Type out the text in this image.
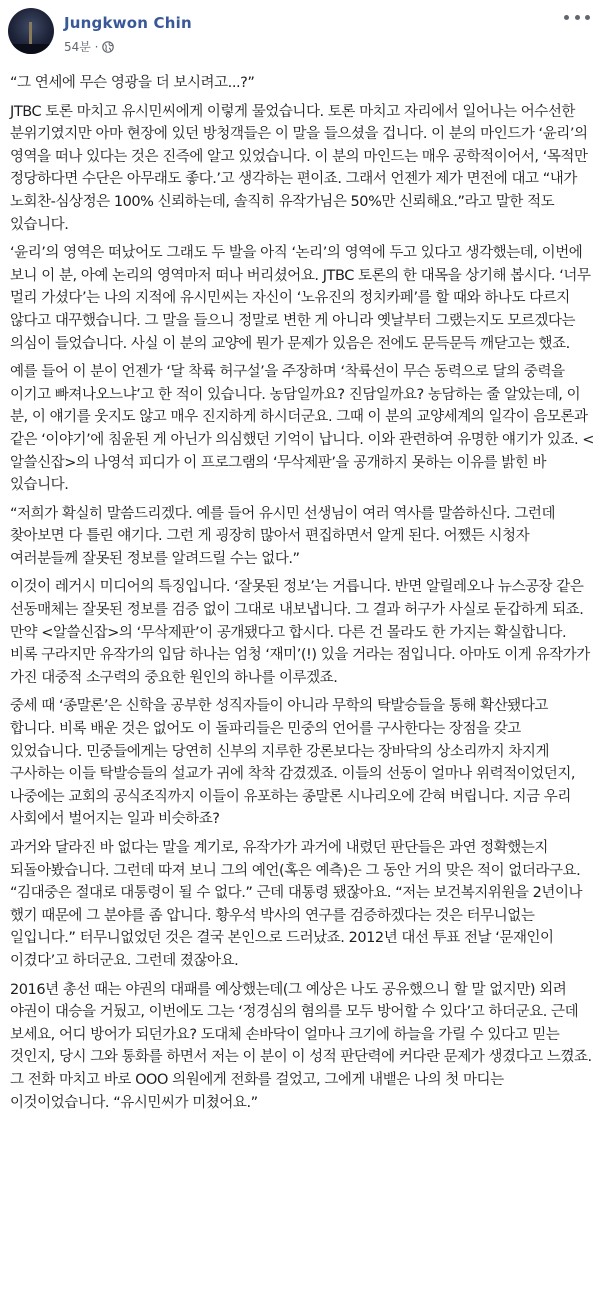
Jungkwon Chin
54분 ·

“그 연세에 무슨 영광을 더 보시려고...?”

JTBC 토론 마치고 유시민씨에게 이렇게 물었습니다. 토론 마치고 자리에서 일어나는 어수선한 분위기였지만 아마 현장에 있던 방청객들은 이 말을 들으셨을 겁니다. 이 분의 마인드가 ‘윤리’의 영역을 떠나 있다는 것은 진즉에 알고 있었습니다. 이 분의 마인드는 매우 공학적이어서, ‘목적만 정당하다면 수단은 아무래도 좋다.’고 생각하는 편이죠. 그래서 언젠가 제가 면전에 대고 “내가 노회찬-심상정은 100% 신뢰하는데, 솔직히 유작가님은 50%만 신뢰해요.”라고 말한 적도 있습니다.

‘윤리’의 영역은 떠났어도 그래도 두 발을 아직 ‘논리’의 영역에 두고 있다고 생각했는데, 이번에 보니 이 분, 아예 논리의 영역마저 떠나 버리셨어요. JTBC 토론의 한 대목을 상기해 봅시다. ‘너무 멀리 가셨다’는 나의 지적에 유시민씨는 자신이 ‘노유진의 정치카페’를 할 때와 하나도 다르지 않다고 대꾸했습니다. 그 말을 들으니 정말로 변한 게 아니라 옛날부터 그랬는지도 모르겠다는 의심이 들었습니다. 사실 이 분의 교양에 뭔가 문제가 있음은 전에도 문득문득 깨닫고는 했죠.

예를 들어 이 분이 언젠가 ‘달 착륙 허구설’을 주장하며 ‘착륙선이 무슨 동력으로 달의 중력을 이기고 빠져나오느냐’고 한 적이 있습니다. 농담일까요? 진담일까요? 농담하는 줄 알았는데, 이 분, 이 얘기를 웃지도 않고 매우 진지하게 하시더군요. 그때 이 분의 교양세계의 일각이 음모론과 같은 ‘이야기’에 침윤된 게 아닌가 의심했던 기억이 납니다. 이와 관련하여 유명한 얘기가 있죠. <알쓸신잡>의 나영석 피디가 이 프로그램의 ‘무삭제판’을 공개하지 못하는 이유를 밝힌 바 있습니다.

“저희가 확실히 말씀드리겠다. 예를 들어 유시민 선생님이 여러 역사를 말씀하신다. 그런데 찾아보면 다 틀린 얘기다. 그런 게 굉장히 많아서 편집하면서 알게 된다. 어쨌든 시청자 여러분들께 잘못된 정보를 알려드릴 수는 없다.”

이것이 레거시 미디어의 특징입니다. ‘잘못된 정보’는 거릅니다. 반면 알릴레오나 뉴스공장 같은 선동매체는 잘못된 정보를 검증 없이 그대로 내보냅니다. 그 결과 허구가 사실로 둔갑하게 되죠. 만약 <알쓸신잡>의 ‘무삭제판’이 공개됐다고 합시다. 다른 건 몰라도 한 가지는 확실합니다. 비록 구라지만 유작가의 입담 하나는 엄청 ‘재미’(!) 있을 거라는 점입니다. 아마도 이게 유작가가 가진 대중적 소구력의 중요한 원인의 하나를 이루겠죠.

중세 때 ‘종말론’은 신학을 공부한 성직자들이 아니라 무학의 탁발승들을 통해 확산됐다고 합니다. 비록 배운 것은 없어도 이 돌파리들은 민중의 언어를 구사한다는 장점을 갖고 있었습니다. 민중들에게는 당연히 신부의 지루한 강론보다는 장바닥의 상소리까지 차지게 구사하는 이들 탁발승들의 설교가 귀에 착착 감겼겠죠. 이들의 선동이 얼마나 위력적이었던지, 나중에는 교회의 공식조직까지 이들이 유포하는 종말론 시나리오에 갇혀 버립니다. 지금 우리 사회에서 벌어지는 일과 비슷하죠?

과거와 달라진 바 없다는 말을 계기로, 유작가가 과거에 내렸던 판단들은 과연 정확했는지 되돌아봤습니다. 그런데 따져 보니 그의 예언(혹은 예측)은 그 동안 거의 맞은 적이 없더라구요. “김대중은 절대로 대통령이 될 수 없다.” 근데 대통령 됐잖아요. “저는 보건복지위원을 2년이나 했기 때문에 그 분야를 좀 압니다. 황우석 박사의 연구를 검증하겠다는 것은 터무니없는 일입니다.” 터무니없었던 것은 결국 본인으로 드러났죠. 2012년 대선 투표 전날 ‘문재인이 이겼다’고 하더군요. 그런데 졌잖아요.

2016년 총선 때는 야권의 대패를 예상했는데(그 예상은 나도 공유했으니 할 말 없지만) 외려 야권이 대승을 거뒀고, 이번에도 그는 ‘정경심의 혐의를 모두 방어할 수 있다’고 하더군요. 근데 보세요, 어디 방어가 되던가요? 도대체 손바닥이 얼마나 크기에 하늘을 가릴 수 있다고 믿는 것인지, 당시 그와 통화를 하면서 저는 이 분이 이 성적 판단력에 커다란 문제가 생겼다고 느꼈죠. 그 전화 마치고 바로 OOO 의원에게 전화를 걸었고, 그에게 내뱉은 나의 첫 마디는 이것이었습니다. “유시민씨가 미쳤어요.”
